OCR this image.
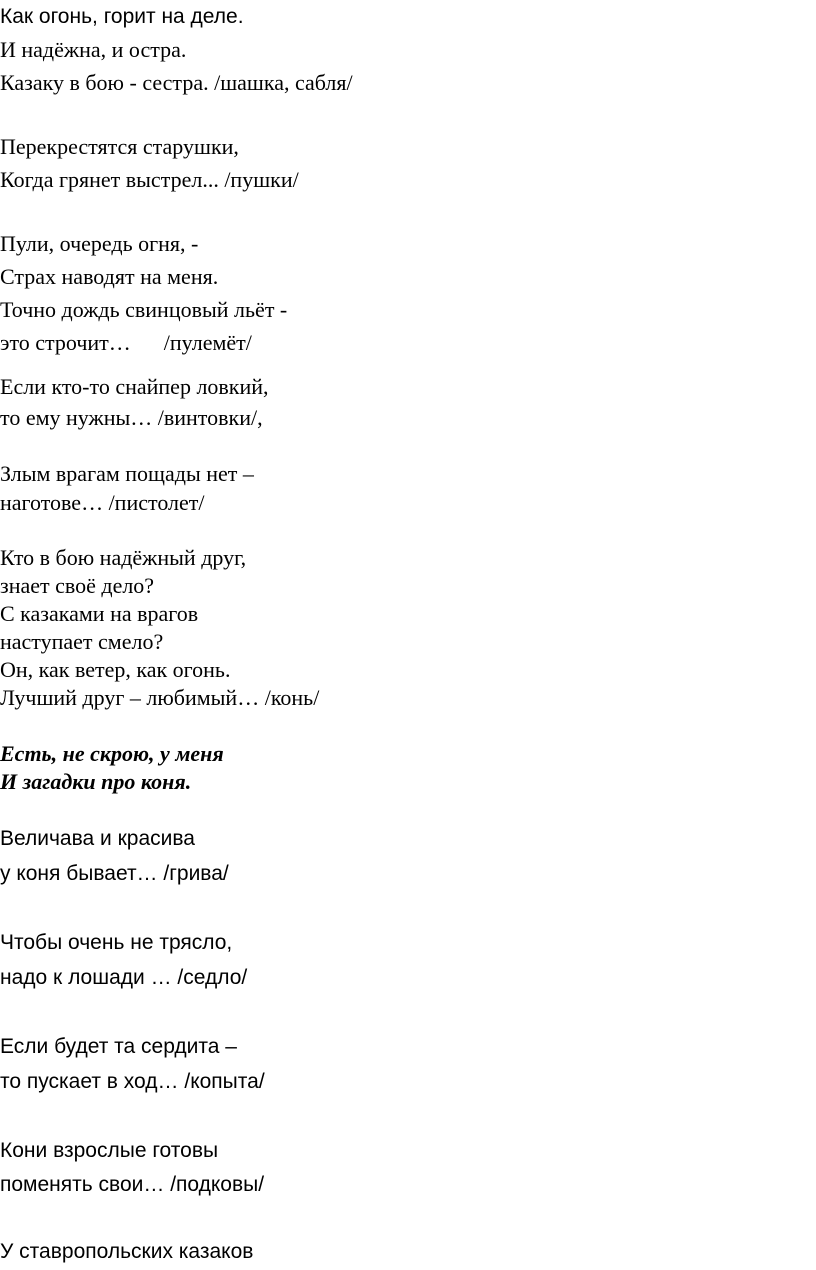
Как огонь, горит на деле.
И надёжна, и остра.
Казаку в бою - сестра. /шашка, сабля/
Перекрестятся старушки,
Когда грянет выстрел... /пушки/
Пули, очередь огня, -
Страх наводят на меня.
Точно дождь свинцовый льёт -
это строчит…      /пулемёт/
Если кто-то снайпер ловкий,
то ему нужны… /винтовки/,
Злым врагам пощады нет –
наготове… /пистолет/
Кто в бою надёжный друг,
знает своё дело?
С казаками на врагов
наступает смело?
Он, как ветер, как огонь.
Лучший друг – любимый… /конь/
Есть, не скрою, у меня
И загадки про коня.
Величава и красива
у коня бывает… /грива/
Чтобы очень не трясло,
надо к лошади … /седло/
Если будет та сердита –
то пускает в ход… /копыта/
Кони взрослые готовы
поменять свои… /подковы/
У ставропольских казаков
